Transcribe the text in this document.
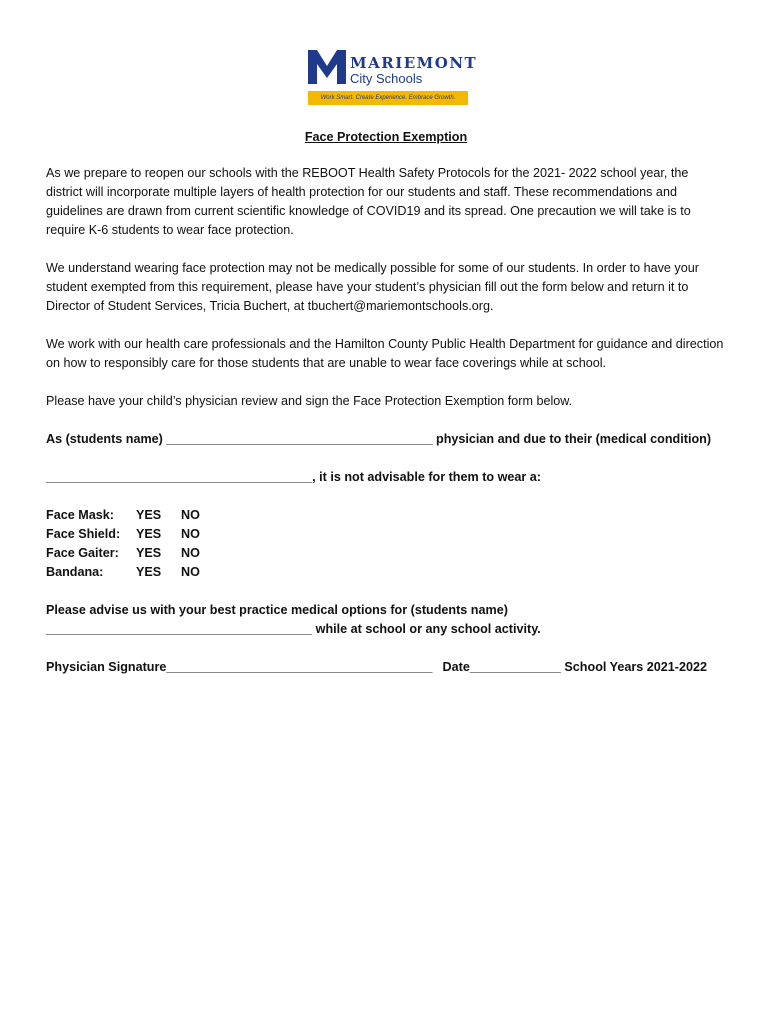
MARIEMONT
City Schools
Work Smart. Create Experience. Embrace Growth.
Face Protection Exemption
As we prepare to reopen our schools with the REBOOT Health Safety Protocols for the 2021- 2022 school year, the district will incorporate multiple layers of health protection for our students and staff. These recommendations and guidelines are drawn from current scientific knowledge of COVID19 and its spread. One precaution we will take is to require K-6 students to wear face protection.
We understand wearing face protection may not be medically possible for some of our students. In order to have your student exempted from this requirement, please have your student’s physician fill out the form below and return it to Director of Student Services, Tricia Buchert, at tbuchert@mariemontschools.org.
We work with our health care professionals and the Hamilton County Public Health Department for guidance and direction on how to responsibly care for those students that are unable to wear face coverings while at school.
Please have your child’s physician review and sign the Face Protection Exemption form below.
As (students name) ______________________________________ physician and due to their (medical condition)
______________________________________, it is not advisable for them to wear a:
Face Mask:	YES	NO
Face Shield:	YES	NO
Face Gaiter:	YES	NO
Bandana:	YES	NO
Please advise us with your best practice medical options for (students name)
______________________________________ while at school or any school activity.
Physician Signature______________________________________ Date_____________ School Years 2021-2022
